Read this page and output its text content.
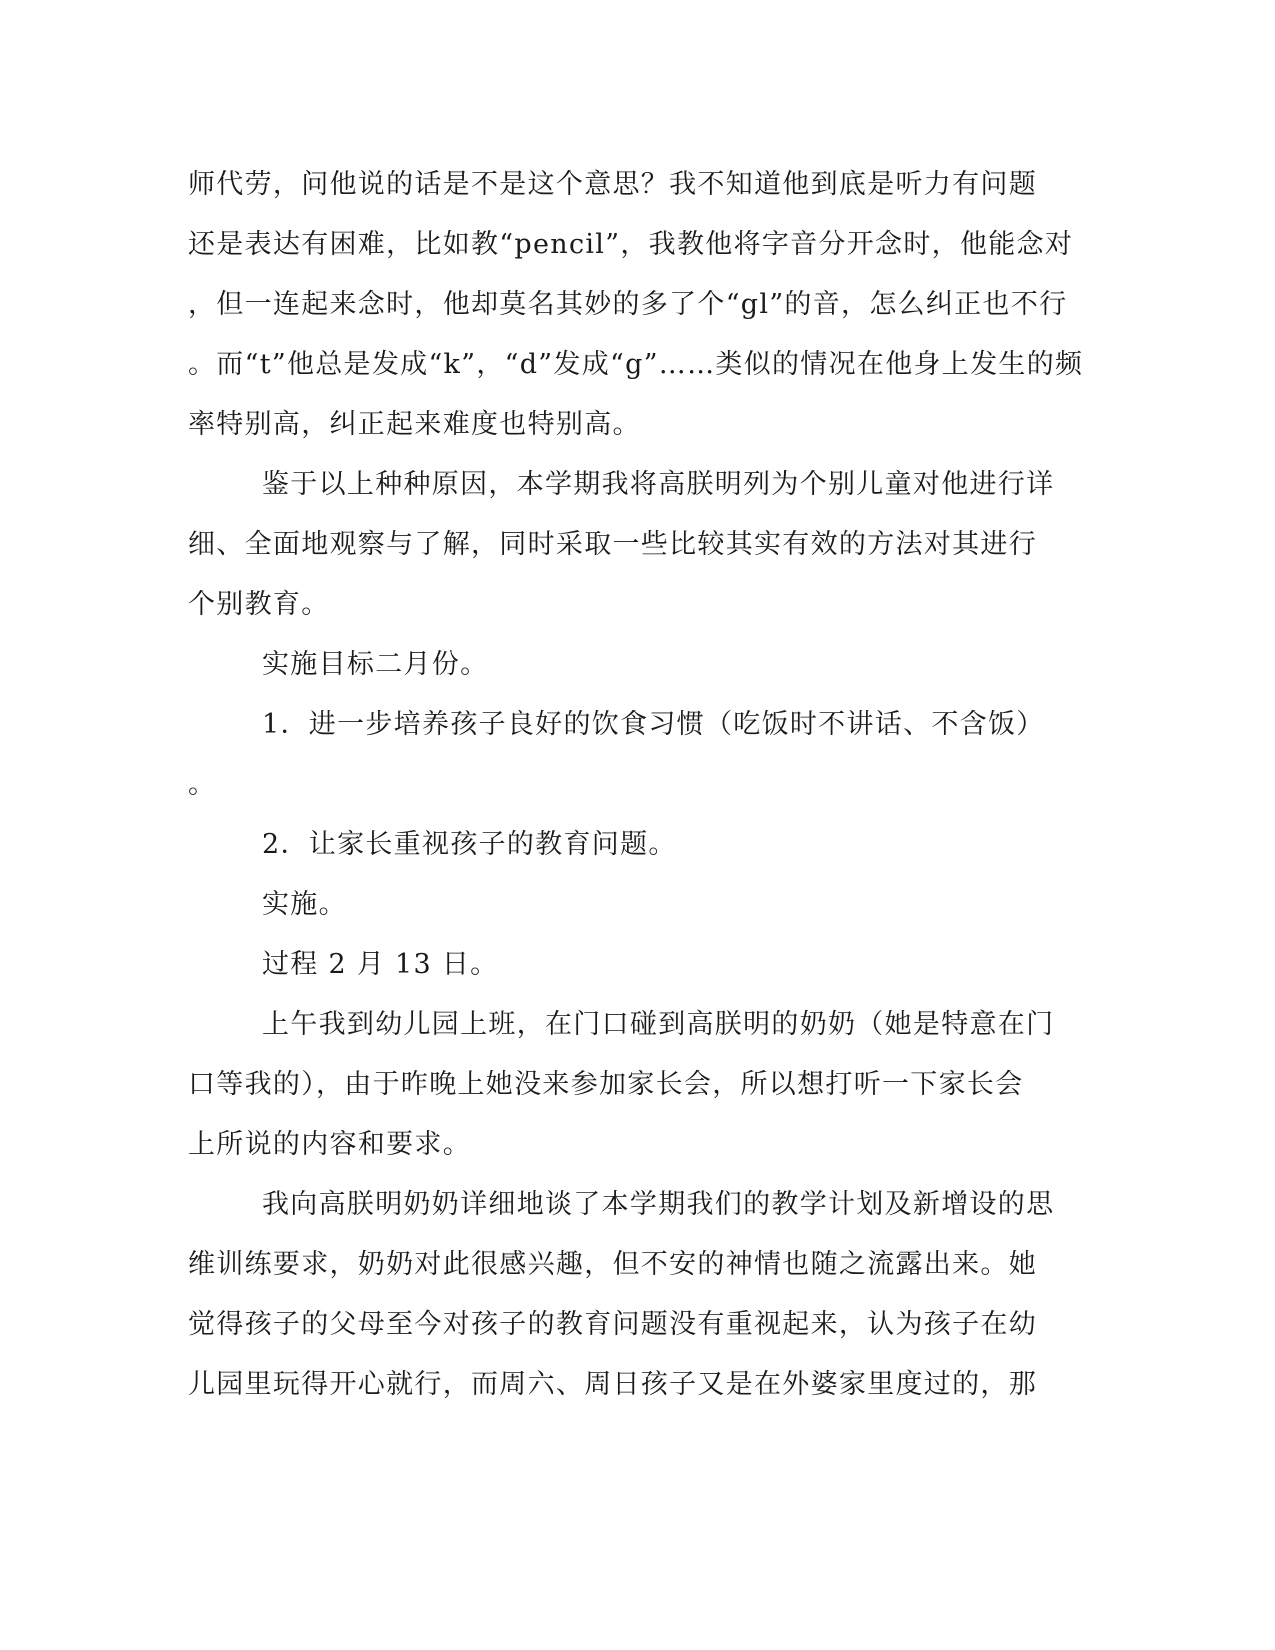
师代劳，问他说的话是不是这个意思？我不知道他到底是听力有问题
还是表达有困难，比如教“pencil”，我教他将字音分开念时，他能念对
，但一连起来念时，他却莫名其妙的多了个“gl”的音，怎么纠正也不行
。而“t”他总是发成“k”，“d”发成“g”……类似的情况在他身上发生的频
率特别高，纠正起来难度也特别高。
鉴于以上种种原因，本学期我将高朕明列为个别儿童对他进行详
细、全面地观察与了解，同时采取一些比较其实有效的方法对其进行
个别教育。
实施目标二月份。
1．进一步培养孩子良好的饮食习惯（吃饭时不讲话、不含饭）
。
2．让家长重视孩子的教育问题。
实施。
过程 2 月 13 日。
上午我到幼儿园上班，在门口碰到高朕明的奶奶（她是特意在门
口等我的），由于昨晚上她没来参加家长会，所以想打听一下家长会
上所说的内容和要求。
我向高朕明奶奶详细地谈了本学期我们的教学计划及新增设的思
维训练要求，奶奶对此很感兴趣，但不安的神情也随之流露出来。她
觉得孩子的父母至今对孩子的教育问题没有重视起来，认为孩子在幼
儿园里玩得开心就行，而周六、周日孩子又是在外婆家里度过的，那
